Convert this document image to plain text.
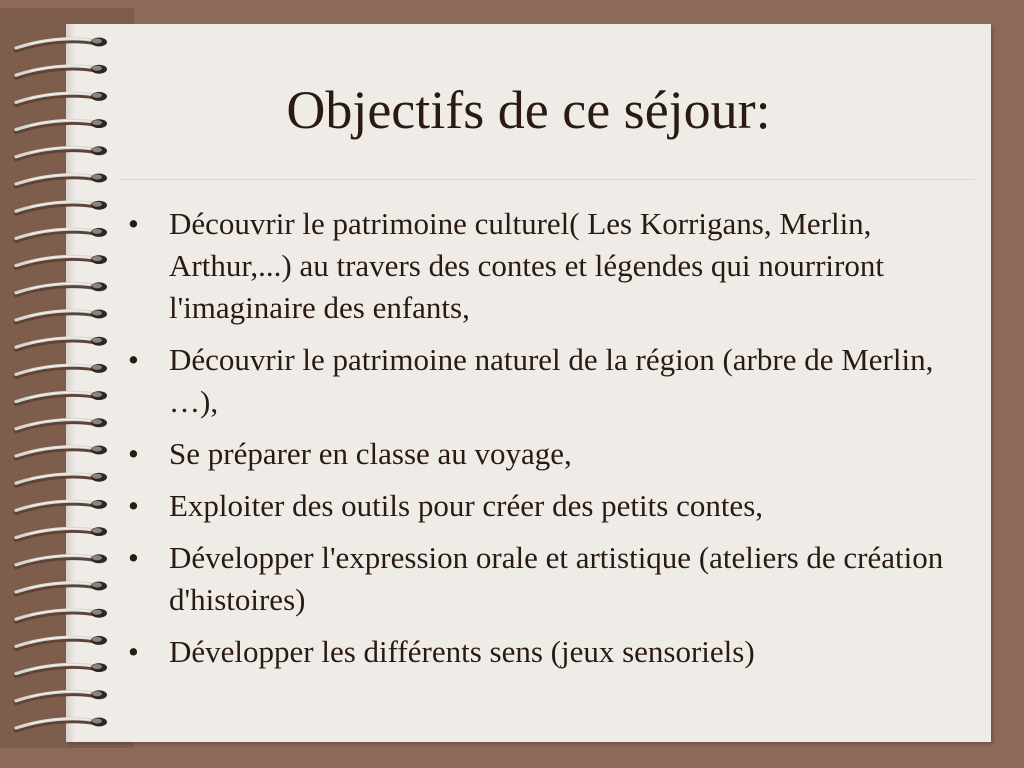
Objectifs de ce séjour:
• Découvrir le patrimoine culturel( Les Korrigans, Merlin, Arthur,...) au travers des contes et légendes qui nourriront l'imaginaire des enfants,
• Découvrir le patrimoine naturel de la région (arbre de Merlin, …),
• Se préparer en classe au voyage,
• Exploiter des outils pour créer des petits contes,
• Développer l'expression orale et artistique (ateliers de création d'histoires)
• Développer les différents sens (jeux sensoriels)
